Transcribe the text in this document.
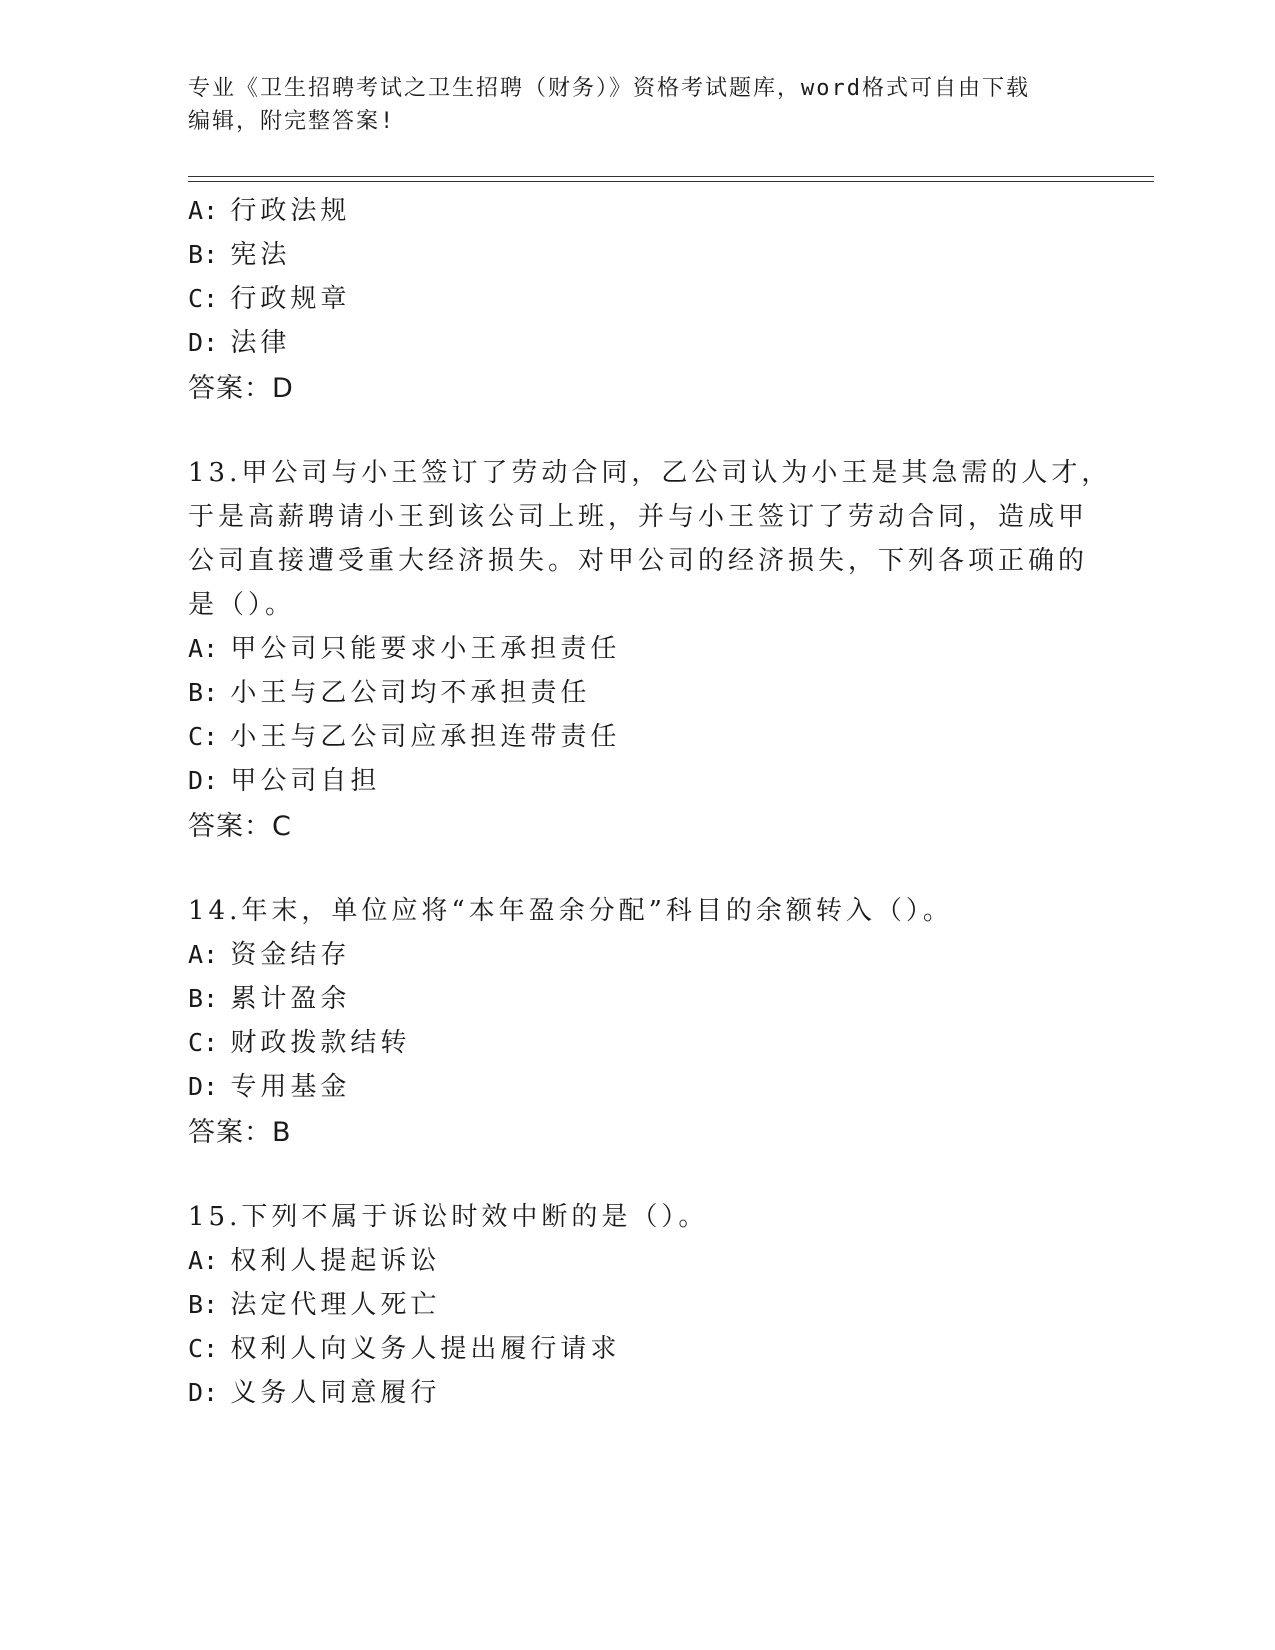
专业《卫生招聘考试之卫生招聘（财务）》资格考试题库，word格式可自由下载
编辑，附完整答案!
A: 行政法规
B: 宪法
C: 行政规章
D: 法律
答案：D
13.甲公司与小王签订了劳动合同，乙公司认为小王是其急需的人才，
于是高薪聘请小王到该公司上班，并与小王签订了劳动合同，造成甲
公司直接遭受重大经济损失。对甲公司的经济损失，下列各项正确的
是（）。
A: 甲公司只能要求小王承担责任
B: 小王与乙公司均不承担责任
C: 小王与乙公司应承担连带责任
D: 甲公司自担
答案：C
14.年末，单位应将“本年盈余分配”科目的余额转入（）。
A: 资金结存
B: 累计盈余
C: 财政拨款结转
D: 专用基金
答案：B
15.下列不属于诉讼时效中断的是（）。
A: 权利人提起诉讼
B: 法定代理人死亡
C: 权利人向义务人提出履行请求
D: 义务人同意履行
